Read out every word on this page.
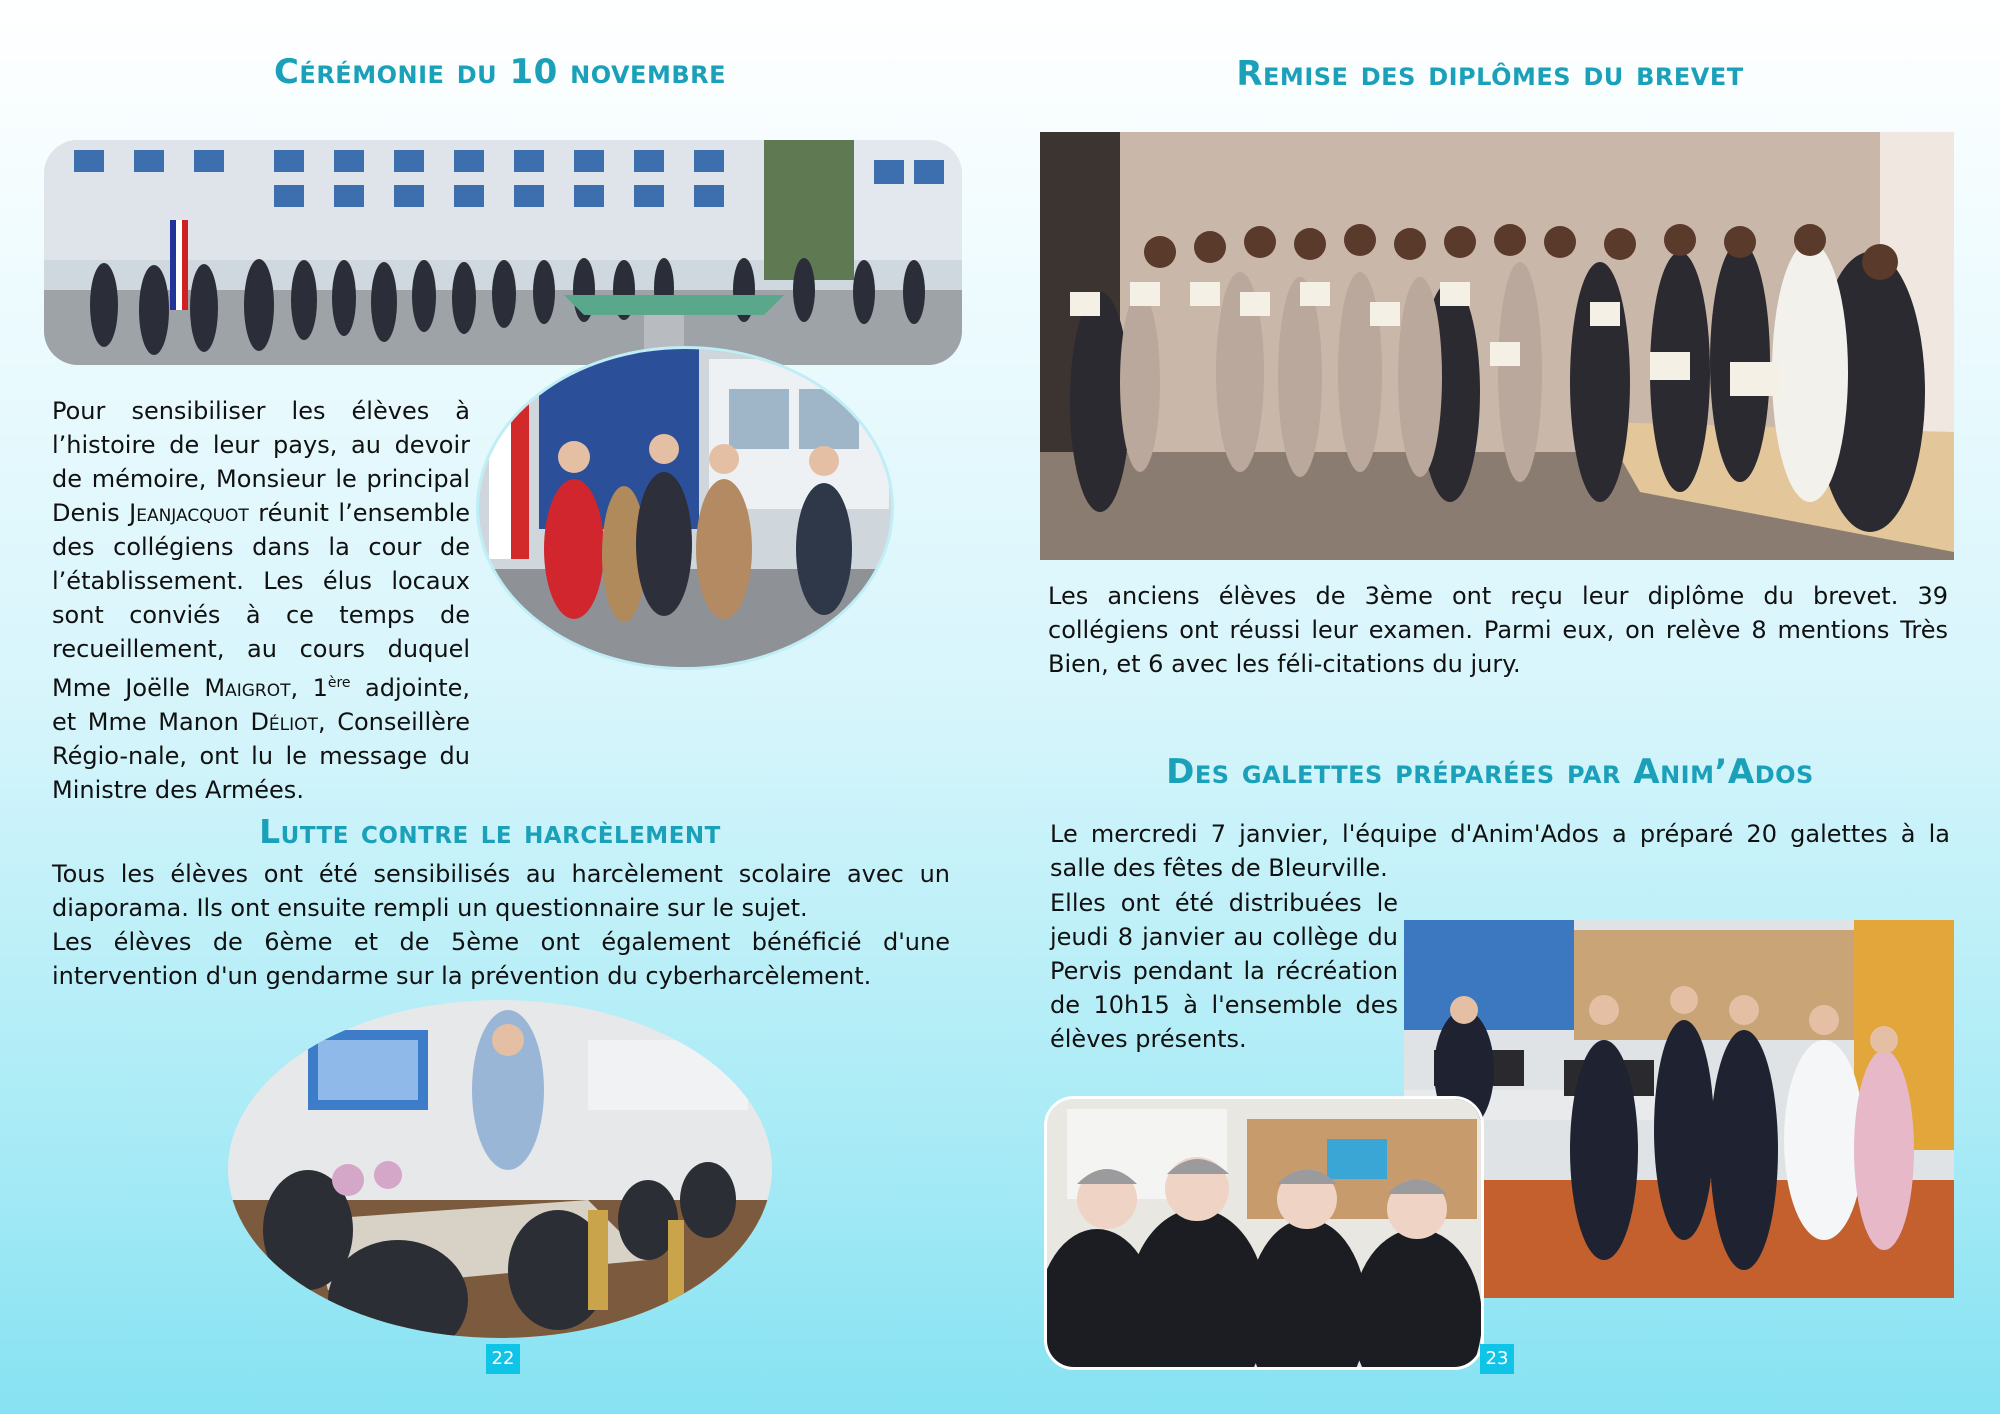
Cérémonie du 10 novembre

Pour sensibiliser les élèves à l’histoire de leur pays, au devoir de mémoire, Monsieur le principal Denis Jeanjacquot réunit l’ensemble des collégiens dans la cour de l’établissement. Les élus locaux sont conviés à ce temps de recueillement, au cours duquel Mme Joëlle Maigrot, 1ère adjointe, et Mme Manon Déliot, Conseillère Régio-nale, ont lu le message du Ministre des Armées.

Lutte contre le harcèlement

Tous les élèves ont été sensibilisés au harcèlement scolaire avec un diaporama. Ils ont ensuite rempli un questionnaire sur le sujet.

Les élèves de 6ème et de 5ème ont également bénéficié d'une intervention d'un gendarme sur la prévention du cyberharcèlement.

22
Remise des diplômes du brevet

Les anciens élèves de 3ème ont reçu leur diplôme du brevet. 39 collégiens ont réussi leur examen. Parmi eux, on relève 8 mentions Très Bien, et 6 avec les féli-citations du jury.

Des galettes préparées par Anim’Ados

Le mercredi 7 janvier, l'équipe d'Anim'Ados a préparé 20 galettes à la salle des fêtes de Bleurville.

Elles ont été distribuées le jeudi 8 janvier au collège du Pervis pendant la récréation de 10h15 à l'ensemble des élèves présents.

23
